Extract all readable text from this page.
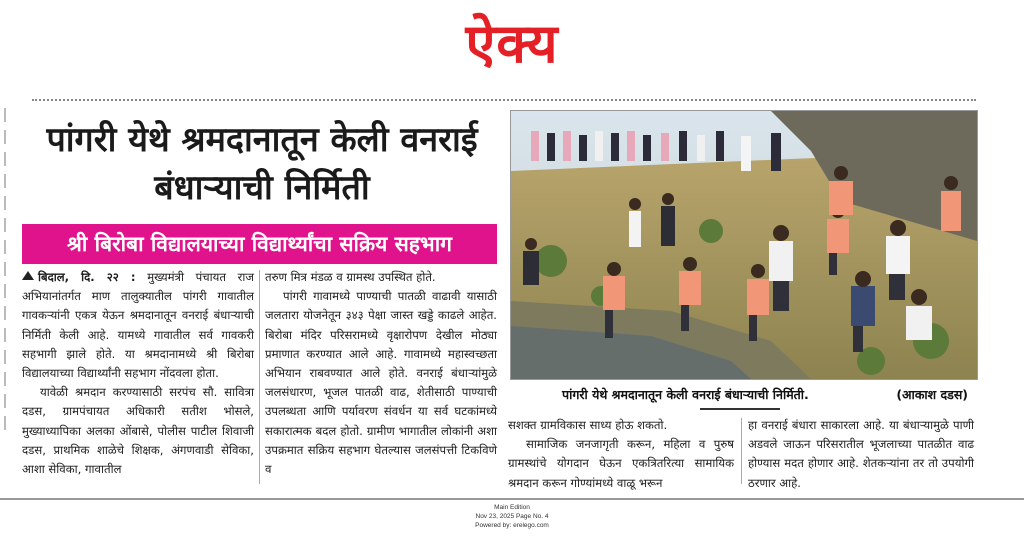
ऐक्य
पांगरी येथे श्रमदानातून केली वनराई बंधाऱ्याची निर्मिती
श्री बिरोबा विद्यालयाच्या विद्यार्थ्यांचा सक्रिय सहभाग
पांगरी येथे श्रमदानातून केली वनराई बंधाऱ्याची निर्मिती.	(आकाश दडस)

बिदाल, दि. २२ : मुख्यमंत्री पंचायत राज अभियानांतर्गत माण तालुक्यातील पांगरी गावातील गावकऱ्यांनी एकत्र येऊन श्रमदानातून वनराई बंधाऱ्याची निर्मिती केली आहे. यामध्ये गावातील सर्व गावकरी सहभागी झाले होते. या श्रमदानामध्ये श्री बिरोबा विद्यालयाच्या विद्यार्थ्यांनी सहभाग नोंदवला होता.

यावेळी श्रमदान करण्यासाठी सरपंच सौ. सावित्रा दडस, ग्रामपंचायत अधिकारी सतीश भोसले, मुख्याध्यापिका अलका ओंबासे, पोलीस पाटील शिवाजी दडस, प्राथमिक शाळेचे शिक्षक, अंगणवाडी सेविका, आशा सेविका, गावातील

तरुण मित्र मंडळ व ग्रामस्थ उपस्थित होते.

पांगरी गावामध्ये पाण्याची पातळी वाढावी यासाठी जलतारा योजनेतून ३४३ पेक्षा जास्त खड्डे काढले आहेत. बिरोबा मंदिर परिसरामध्ये वृक्षारोपण देखील मोठ्या प्रमाणात करण्यात आले आहे. गावामध्ये महास्वच्छता अभियान राबवण्यात आले होते. वनराई बंधाऱ्यांमुळे जलसंधारण, भूजल पातळी वाढ, शेतीसाठी पाण्याची उपलब्धता आणि पर्यावरण संवर्धन या सर्व घटकांमध्ये सकारात्मक बदल होतो. ग्रामीण भागातील लोकांनी अशा उपक्रमात सक्रिय सहभाग घेतल्यास जलसंपत्ती टिकविणे व

सशक्त ग्रामविकास साध्य होऊ शकतो.

सामाजिक जनजागृती करून, महिला व पुरुष ग्रामस्थांचे योगदान घेऊन एकत्रितरित्या सामायिक श्रमदान करून गोण्यांमध्ये वाळू भरून

हा वनराई बंधारा साकारला आहे. या बंधाऱ्यामुळे पाणी अडवले जाऊन परिसरातील भूजलाच्या पातळीत वाढ होण्यास मदत होणार आहे. शेतकऱ्यांना तर तो उपयोगी ठरणार आहे.

Main Edition
Nov 23, 2025 Page No. 4
Powered by: erelego.com
